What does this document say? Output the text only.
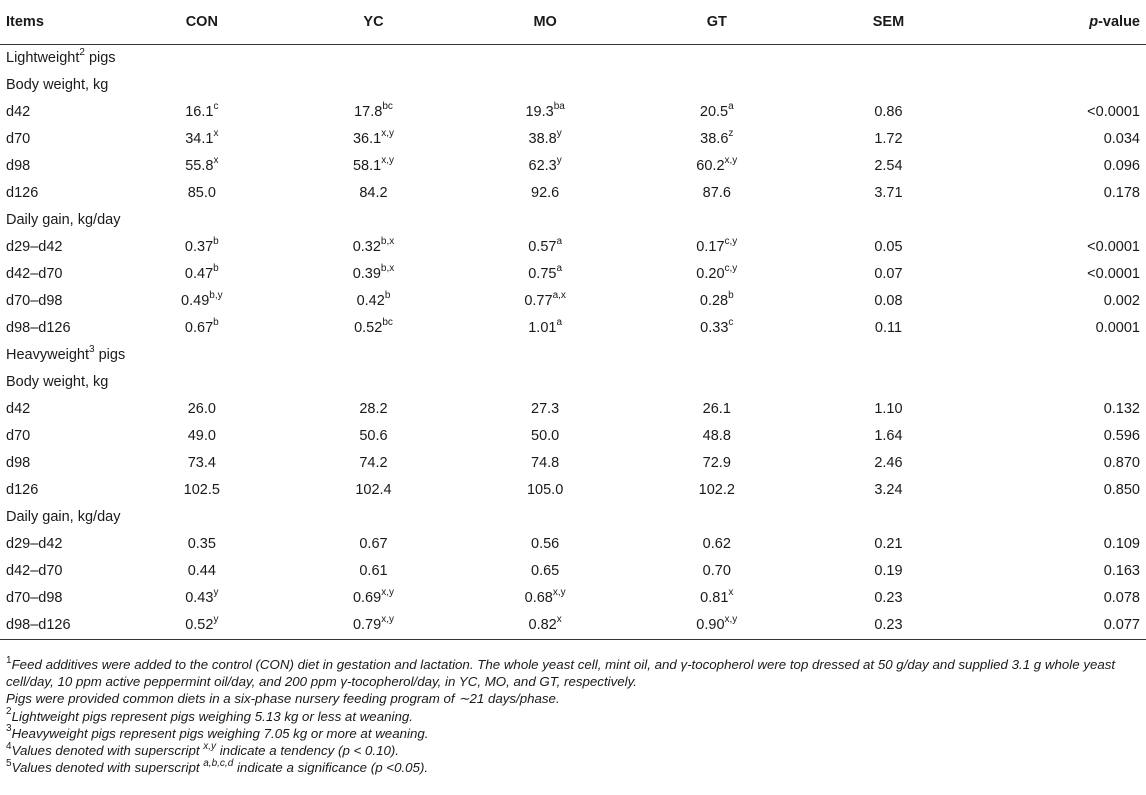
Items	CON	YC	MO	GT	SEM	p-value
Lightweight$^2$ pigs						
Body weight, kg						
d42	16.1$^c$	17.8$^{bc}$	19.3$^{ba}$	20.5$^a$	0.86	<0.0001
d70	34.1$^x$	36.1$^{x,y}$	38.8$^y$	38.6$^z$	1.72	0.034
d98	55.8$^x$	58.1$^{x,y}$	62.3$^y$	60.2$^{x,y}$	2.54	0.096
d126	85.0	84.2	92.6	87.6	3.71	0.178
Daily gain, kg/day						
d29–d42	0.37$^b$	0.32$^{b,x}$	0.57$^a$	0.17$^{c,y}$	0.05	<0.0001
d42–d70	0.47$^b$	0.39$^{b,x}$	0.75$^a$	0.20$^{c,y}$	0.07	<0.0001
d70–d98	0.49$^{b,y}$	0.42$^b$	0.77$^{a,x}$	0.28$^b$	0.08	0.002
d98–d126	0.67$^b$	0.52$^{bc}$	1.01$^a$	0.33$^c$	0.11	0.0001
Heavyweight$^3$ pigs						
Body weight, kg						
d42	26.0	28.2	27.3	26.1	1.10	0.132
d70	49.0	50.6	50.0	48.8	1.64	0.596
d98	73.4	74.2	74.8	72.9	2.46	0.870
d126	102.5	102.4	105.0	102.2	3.24	0.850
Daily gain, kg/day						
d29–d42	0.35	0.67	0.56	0.62	0.21	0.109
d42–d70	0.44	0.61	0.65	0.70	0.19	0.163
d70–d98	0.43$^y$	0.69$^{x,y}$	0.68$^{x,y}$	0.81$^x$	0.23	0.078
d98–d126	0.52$^y$	0.79$^{x,y}$	0.82$^x$	0.90$^{x,y}$	0.23	0.077

$^1$Feed additives were added to the control (CON) diet in gestation and lactation. The whole yeast cell, mint oil, and γ-tocopherol were top dressed at 50 g/day and supplied 3.1 g whole yeast cell/day, 10 ppm active peppermint oil/day, and 200 ppm γ-tocopherol/day, in YC, MO, and GT, respectively.

Pigs were provided common diets in a six-phase nursery feeding program of ∼21 days/phase.

$^2$Lightweight pigs represent pigs weighing 5.13 kg or less at weaning.

$^3$Heavyweight pigs represent pigs weighing 7.05 kg or more at weaning.

$^4$Values denoted with superscript $^{x,y}$ indicate a tendency (p < 0.10).

$^5$Values denoted with superscript $^{a,b,c,d}$ indicate a significance (p <0.05).
